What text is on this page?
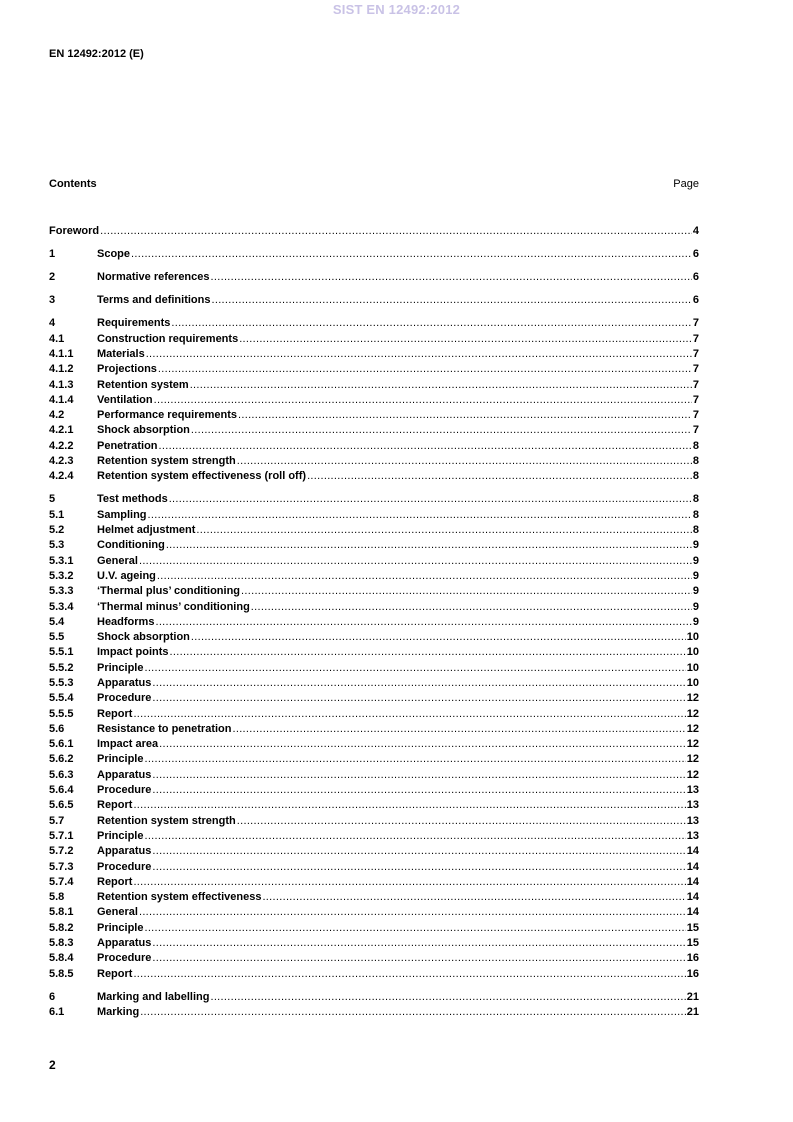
SIST EN 12492:2012
EN 12492:2012 (E)
Contents	Page
Foreword .....	4
1	Scope .....	6
2	Normative references .....	6
3	Terms and definitions .....	6
4	Requirements .....	7
4.1	Construction requirements .....	7
4.1.1	Materials .....	7
4.1.2	Projections .....	7
4.1.3	Retention system .....	7
4.1.4	Ventilation .....	7
4.2	Performance requirements .....	7
4.2.1	Shock absorption .....	7
4.2.2	Penetration .....	8
4.2.3	Retention system strength .....	8
4.2.4	Retention system effectiveness (roll off) .....	8
5	Test methods .....	8
5.1	Sampling .....	8
5.2	Helmet adjustment .....	8
5.3	Conditioning .....	9
5.3.1	General .....	9
5.3.2	U.V. ageing .....	9
5.3.3	‘Thermal plus’ conditioning .....	9
5.3.4	‘Thermal minus’ conditioning .....	9
5.4	Headforms .....	9
5.5	Shock absorption .....	10
5.5.1	Impact points .....	10
5.5.2	Principle .....	10
5.5.3	Apparatus .....	10
5.5.4	Procedure .....	12
5.5.5	Report .....	12
5.6	Resistance to penetration .....	12
5.6.1	Impact area .....	12
5.6.2	Principle .....	12
5.6.3	Apparatus .....	12
5.6.4	Procedure .....	13
5.6.5	Report .....	13
5.7	Retention system strength .....	13
5.7.1	Principle .....	13
5.7.2	Apparatus .....	14
5.7.3	Procedure .....	14
5.7.4	Report .....	14
5.8	Retention system effectiveness .....	14
5.8.1	General .....	14
5.8.2	Principle .....	15
5.8.3	Apparatus .....	15
5.8.4	Procedure .....	16
5.8.5	Report .....	16
6	Marking and labelling .....	21
6.1	Marking .....	21
2
